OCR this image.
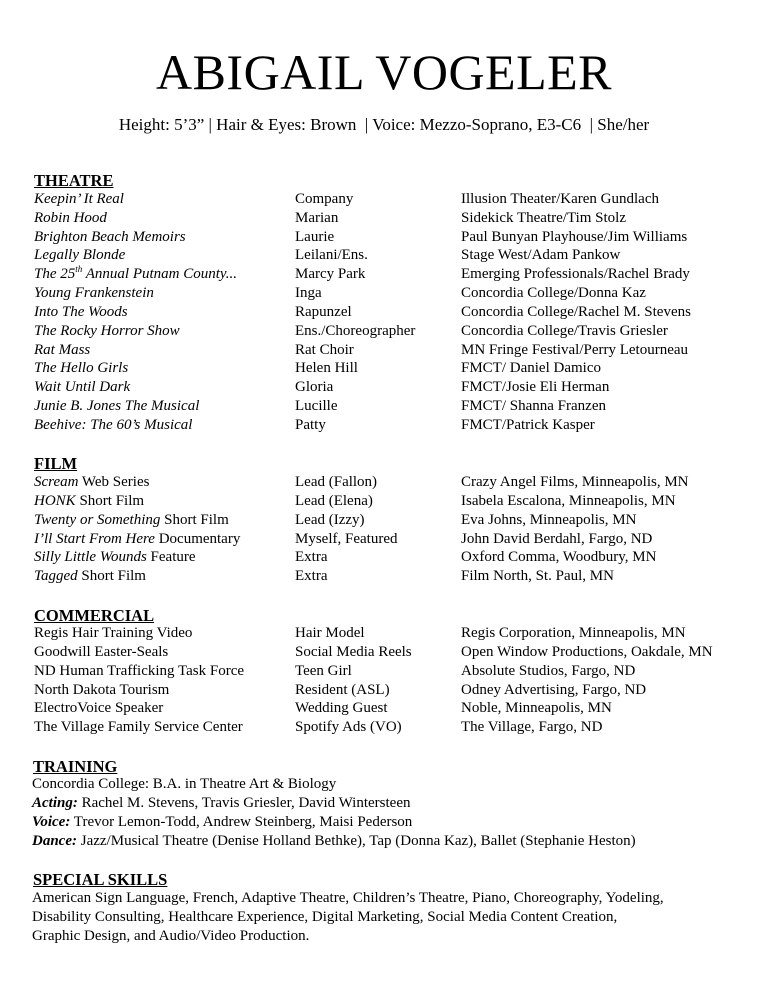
ABIGAIL VOGELER
Height: 5’3” | Hair & Eyes: Brown  | Voice: Mezzo-Soprano, E3-C6  | She/her
THEATRE
Keepin’ It Real	Company	Illusion Theater/Karen Gundlach
Robin Hood	Marian	Sidekick Theatre/Tim Stolz
Brighton Beach Memoirs	Laurie	Paul Bunyan Playhouse/Jim Williams
Legally Blonde	Leilani/Ens.	Stage West/Adam Pankow
The 25th Annual Putnam County...	Marcy Park	Emerging Professionals/Rachel Brady
Young Frankenstein	Inga	Concordia College/Donna Kaz
Into The Woods	Rapunzel	Concordia College/Rachel M. Stevens
The Rocky Horror Show	Ens./Choreographer	Concordia College/Travis Griesler
Rat Mass	Rat Choir	MN Fringe Festival/Perry Letourneau
The Hello Girls	Helen Hill	FMCT/ Daniel Damico
Wait Until Dark	Gloria	FMCT/Josie Eli Herman
Junie B. Jones The Musical	Lucille	FMCT/ Shanna Franzen
Beehive: The 60’s Musical	Patty	FMCT/Patrick Kasper
FILM
Scream Web Series	Lead (Fallon)	Crazy Angel Films, Minneapolis, MN
HONK Short Film	Lead (Elena)	Isabela Escalona, Minneapolis, MN
Twenty or Something Short Film	Lead (Izzy)	Eva Johns, Minneapolis, MN
I’ll Start From Here Documentary	Myself, Featured	John David Berdahl, Fargo, ND
Silly Little Wounds Feature	Extra	Oxford Comma, Woodbury, MN
Tagged Short Film	Extra	Film North, St. Paul, MN
COMMERCIAL
Regis Hair Training Video	Hair Model	Regis Corporation, Minneapolis, MN
Goodwill Easter-Seals	Social Media Reels	Open Window Productions, Oakdale, MN
ND Human Trafficking Task Force	Teen Girl	Absolute Studios, Fargo, ND
North Dakota Tourism	Resident (ASL)	Odney Advertising, Fargo, ND
ElectroVoice Speaker	Wedding Guest	Noble, Minneapolis, MN
The Village Family Service Center	Spotify Ads (VO)	The Village, Fargo, ND
TRAINING
Concordia College: B.A. in Theatre Art & Biology
Acting: Rachel M. Stevens, Travis Griesler, David Wintersteen
Voice: Trevor Lemon-Todd, Andrew Steinberg, Maisi Pederson
Dance: Jazz/Musical Theatre (Denise Holland Bethke), Tap (Donna Kaz), Ballet (Stephanie Heston)
SPECIAL SKILLS
American Sign Language, French, Adaptive Theatre, Children’s Theatre, Piano, Choreography, Yodeling,
Disability Consulting, Healthcare Experience, Digital Marketing, Social Media Content Creation,
Graphic Design, and Audio/Video Production.
